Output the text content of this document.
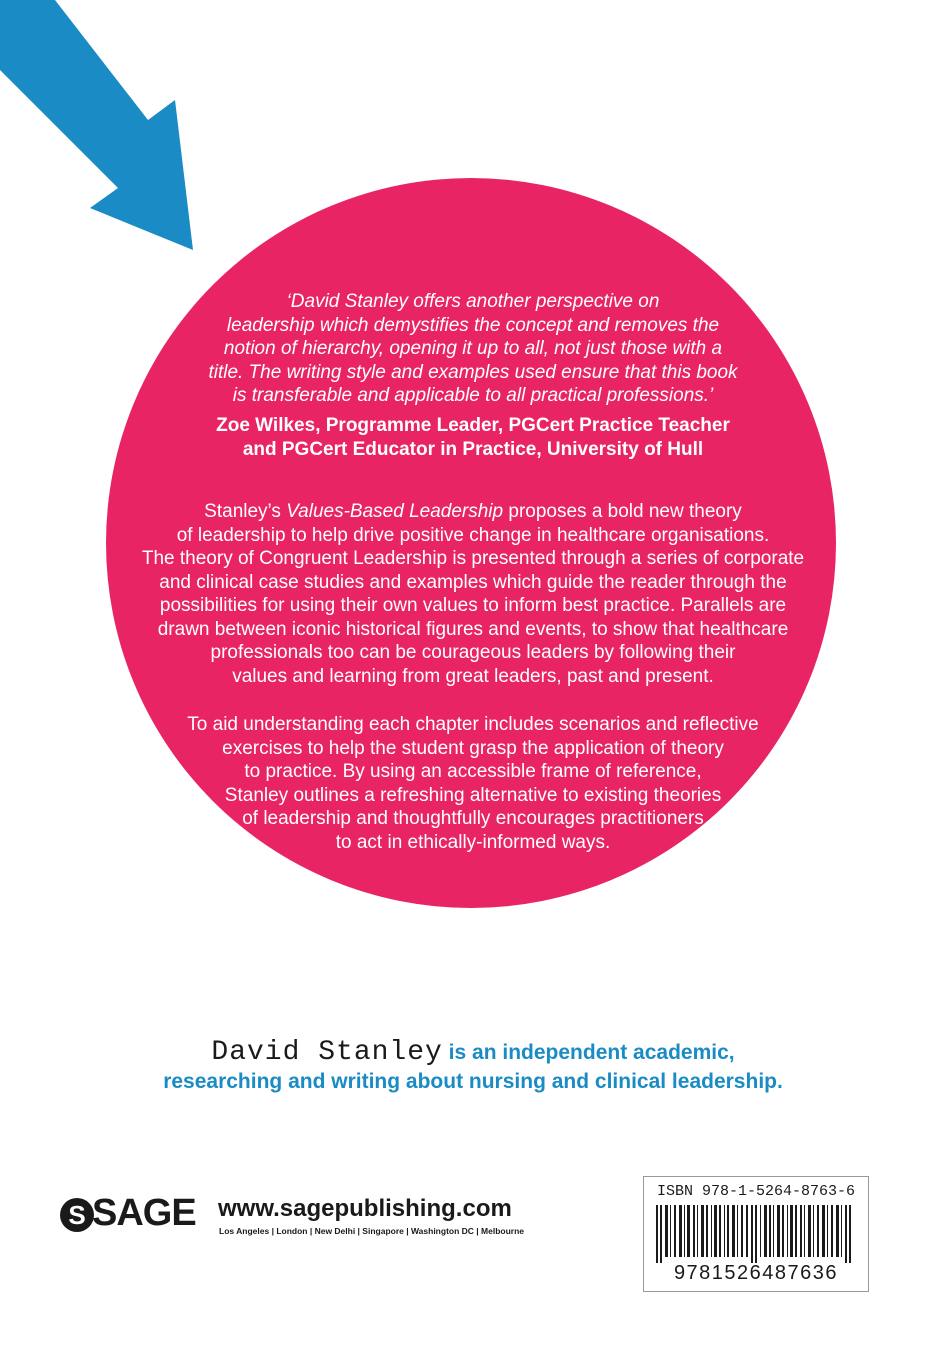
‘David Stanley offers another perspective on
leadership which demystifies the concept and removes the
notion of hierarchy, opening it up to all, not just those with a
title. The writing style and examples used ensure that this book
is transferable and applicable to all practical professions.’
Zoe Wilkes, Programme Leader, PGCert Practice Teacher
and PGCert Educator in Practice, University of Hull
Stanley’s Values-Based Leadership proposes a bold new theory
of leadership to help drive positive change in healthcare organisations.
The theory of Congruent Leadership is presented through a series of corporate
and clinical case studies and examples which guide the reader through the
possibilities for using their own values to inform best practice. Parallels are
drawn between iconic historical figures and events, to show that healthcare
professionals too can be courageous leaders by following their
values and learning from great leaders, past and present.
To aid understanding each chapter includes scenarios and reflective
exercises to help the student grasp the application of theory
to practice. By using an accessible frame of reference,
Stanley outlines a refreshing alternative to existing theories
of leadership and thoughtfully encourages practitioners
to act in ethically-informed ways.
David Stanley is an independent academic,
researching and writing about nursing and clinical leadership.
S SAGE www.sagepublishing.com
Los Angeles | London | New Delhi | Singapore | Washington DC | Melbourne
ISBN 978-1-5264-8763-6
9781526487636
